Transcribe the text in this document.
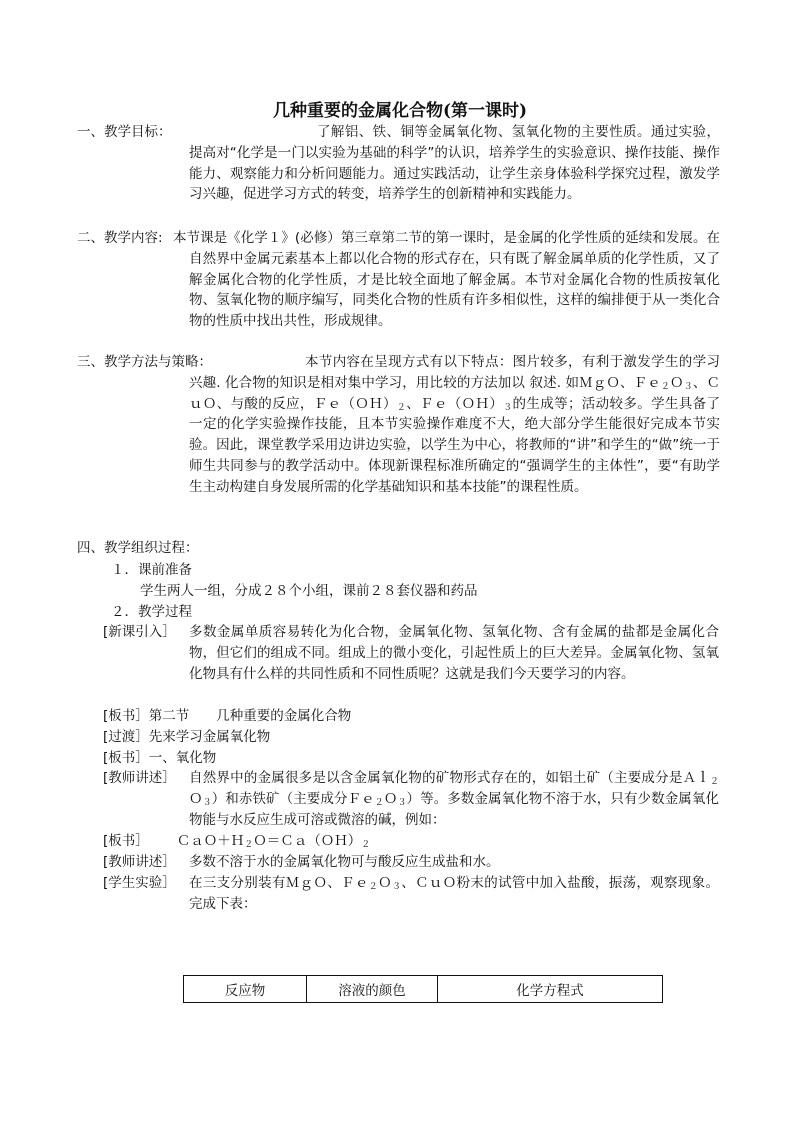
几种重要的金属化合物(第一课时)
一、教学目标：	了解铝、铁、铜等金属氧化物、氢氧化物的主要性质。通过实验，提高对“化学是一门以实验为基础的科学”的认识，培养学生的实验意识、操作技能、操作能力、观察能力和分析问题能力。通过实践活动，让学生亲身体验科学探究过程，激发学习兴趣，促进学习方式的转变，培养学生的创新精神和实践能力。
二、教学内容: 本节课是《化学１》(必修）第三章第二节的第一课时，是金属的化学性质的延续和发展。在自然界中金属元素基本上都以化合物的形式存在，只有既了解金属单质的化学性质，又了解金属化合物的化学性质，才是比较全面地了解金属。本节对金属化合物的性质按氧化物、氢氧化物的顺序编写，同类化合物的性质有许多相似性，这样的编排便于从一类化合物的性质中找出共性，形成规律。
三、教学方法与策略：	本节内容在呈现方式有以下特点：图片较多，有利于激发学生的学习兴趣. 化合物的知识是相对集中学习，用比较的方法加以 叙述. 如ＭｇＯ、Ｆｅ$_2$Ｏ$_3$、ＣｕＯ、与酸的反应，$Fe(OH)_2$、$Fe(OH)_3$的生成等；活动较多。学生具备了一定的化学实验操作技能，且本节实验操作难度不大，绝大部分学生能很好完成本节实验。因此，课堂教学采用边讲边实验，以学生为中心，将教师的“讲”和学生的“做”统一于师生共同参与的教学活动中。体现新课程标准所确定的“强调学生的主体性”，要“有助学生主动构建自身发展所需的化学基础知识和基本技能”的课程性质。
四、教学组织过程：
１．课前准备
学生两人一组，分成２８个小组，课前２８套仪器和药品
２．教学过程
[新课引入］ 多数金属单质容易转化为化合物，金属氧化物、氢氧化物、含有金属的盐都是金属化合物，但它们的组成不同。组成上的微小变化，引起性质上的巨大差异。金属氧化物、氢氧化物具有什么样的共同性质和不同性质呢？这就是我们今天要学习的内容。
[板书］第二节　　几种重要的金属化合物
[过渡］先来学习金属氧化物
[板书］一、氧化物
[教师讲述］ 自然界中的金属很多是以含金属氧化物的矿物形式存在的，如铝土矿（主要成分是Ａｌ$_2$Ｏ$_3$）和赤铁矿（主要成分Ｆｅ$_2$Ｏ$_3$）等。多数金属氧化物不溶于水，只有少数金属氧化物能与水反应生成可溶或微溶的碱，例如：
[板书］ $CaO+H_2O=Ca(OH)_2$
[教师讲述］ 多数不溶于水的金属氧化物可与酸反应生成盐和水。
[学生实验］ 在三支分别装有ＭｇＯ、Ｆｅ$_2$Ｏ$_3$、ＣｕＯ粉末的试管中加入盐酸，振荡，观察现象。完成下表：
反应物	溶液的颜色	化学方程式
